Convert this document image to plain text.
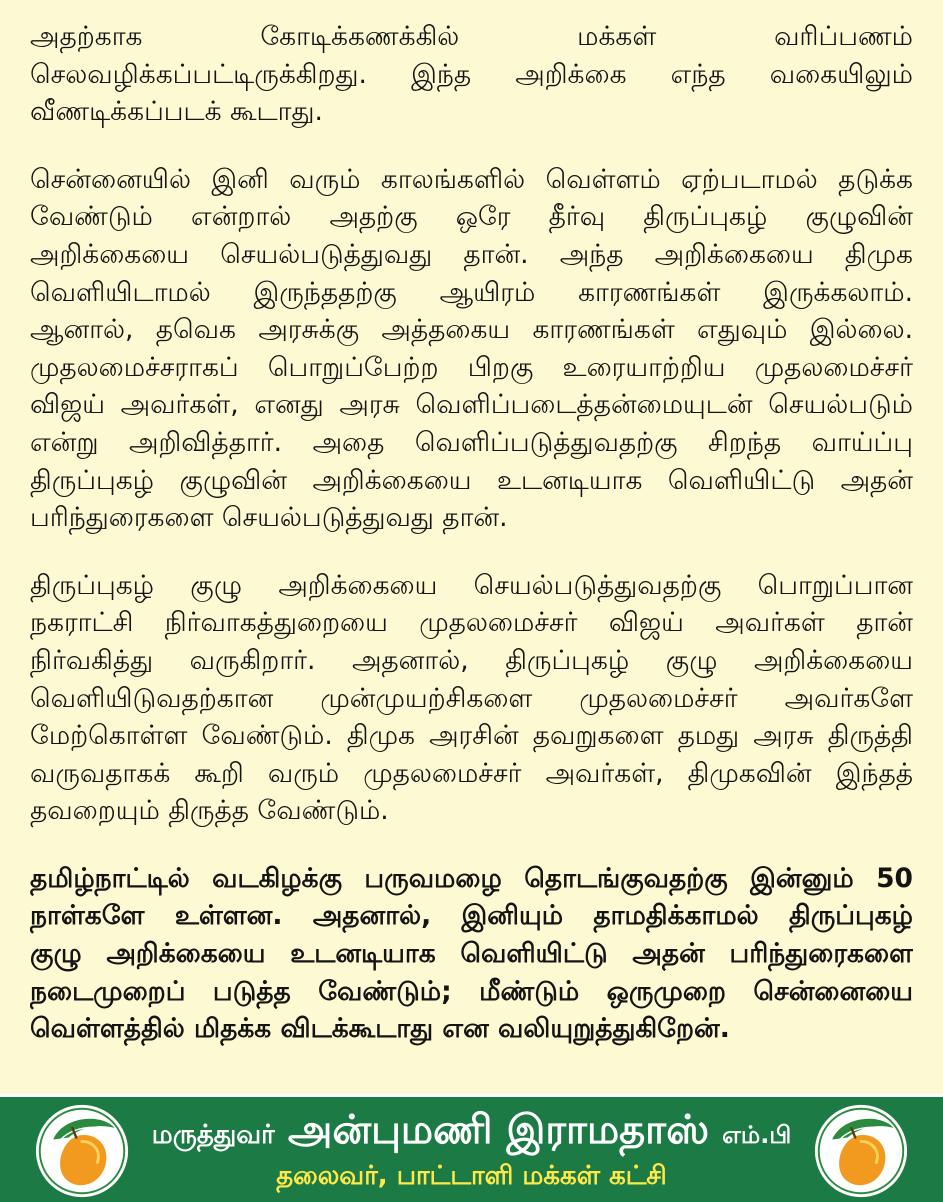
அதற்காக கோடிக்கணக்கில் மக்கள் வரிப்பணம்
செலவழிக்கப்பட்டிருக்கிறது. இந்த அறிக்கை எந்த வகையிலும்
வீணடிக்கப்படக் கூடாது.
சென்னையில் இனி வரும் காலங்களில் வெள்ளம் ஏற்படாமல் தடுக்க
வேண்டும் என்றால் அதற்கு ஒரே தீர்வு திருப்புகழ் குழுவின்
அறிக்கையை செயல்படுத்துவது தான். அந்த அறிக்கையை திமுக
வெளியிடாமல் இருந்ததற்கு ஆயிரம் காரணங்கள் இருக்கலாம்.
ஆனால், தவெக அரசுக்கு அத்தகைய காரணங்கள் எதுவும் இல்லை.
முதலமைச்சராகப் பொறுப்பேற்ற பிறகு உரையாற்றிய முதலமைச்சர்
விஜய் அவர்கள், எனது அரசு வெளிப்படைத்தன்மையுடன் செயல்படும்
என்று அறிவித்தார். அதை வெளிப்படுத்துவதற்கு சிறந்த வாய்ப்பு
திருப்புகழ் குழுவின் அறிக்கையை உடனடியாக வெளியிட்டு அதன்
பரிந்துரைகளை செயல்படுத்துவது தான்.
திருப்புகழ் குழு அறிக்கையை செயல்படுத்துவதற்கு பொறுப்பான
நகராட்சி நிர்வாகத்துறையை முதலமைச்சர் விஜய் அவர்கள் தான்
நிர்வகித்து வருகிறார். அதனால், திருப்புகழ் குழு அறிக்கையை
வெளியிடுவதற்கான முன்முயற்சிகளை முதலமைச்சர் அவர்களே
மேற்கொள்ள வேண்டும். திமுக அரசின் தவறுகளை தமது அரசு திருத்தி
வருவதாகக் கூறி வரும் முதலமைச்சர் அவர்கள், திமுகவின் இந்தத்
தவறையும் திருத்த வேண்டும்.
தமிழ்நாட்டில் வடகிழக்கு பருவமழை தொடங்குவதற்கு இன்னும் 50
நாள்களே உள்ளன. அதனால், இனியும் தாமதிக்காமல் திருப்புகழ்
குழு அறிக்கையை உடனடியாக வெளியிட்டு அதன் பரிந்துரைகளை
நடைமுறைப் படுத்த வேண்டும்; மீண்டும் ஒருமுறை சென்னையை
வெள்ளத்தில் மிதக்க விடக்கூடாது என வலியுறுத்துகிறேன்.
மருத்துவர் அன்புமணி இராமதாஸ் எம்.பி
தலைவர், பாட்டாளி மக்கள் கட்சி
